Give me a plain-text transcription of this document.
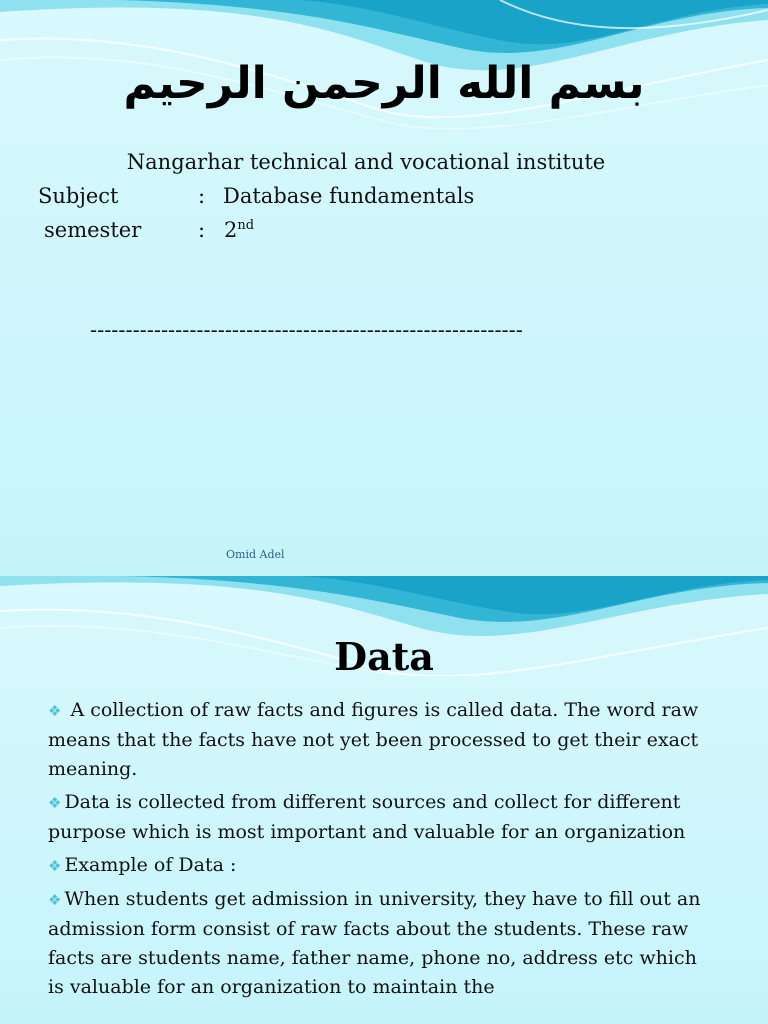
بسم الله الرحمن الرحيم
Nangarhar technical and vocational institute
Subject	: Database fundamentals
semester	: 2nd
-------------------------------------------------------------
Omid Adel
Data

❖ A collection of raw facts and figures is called data. The word raw means that the facts have not yet been processed to get their exact meaning.

❖ Data is collected from different sources and collect for different purpose which is most important and valuable for an organization

❖ Example of Data :

❖ When students get admission in university, they have to fill out an admission form consist of raw facts about the students. These raw facts are students name, father name, phone no, address etc which is valuable for an organization to maintain the
